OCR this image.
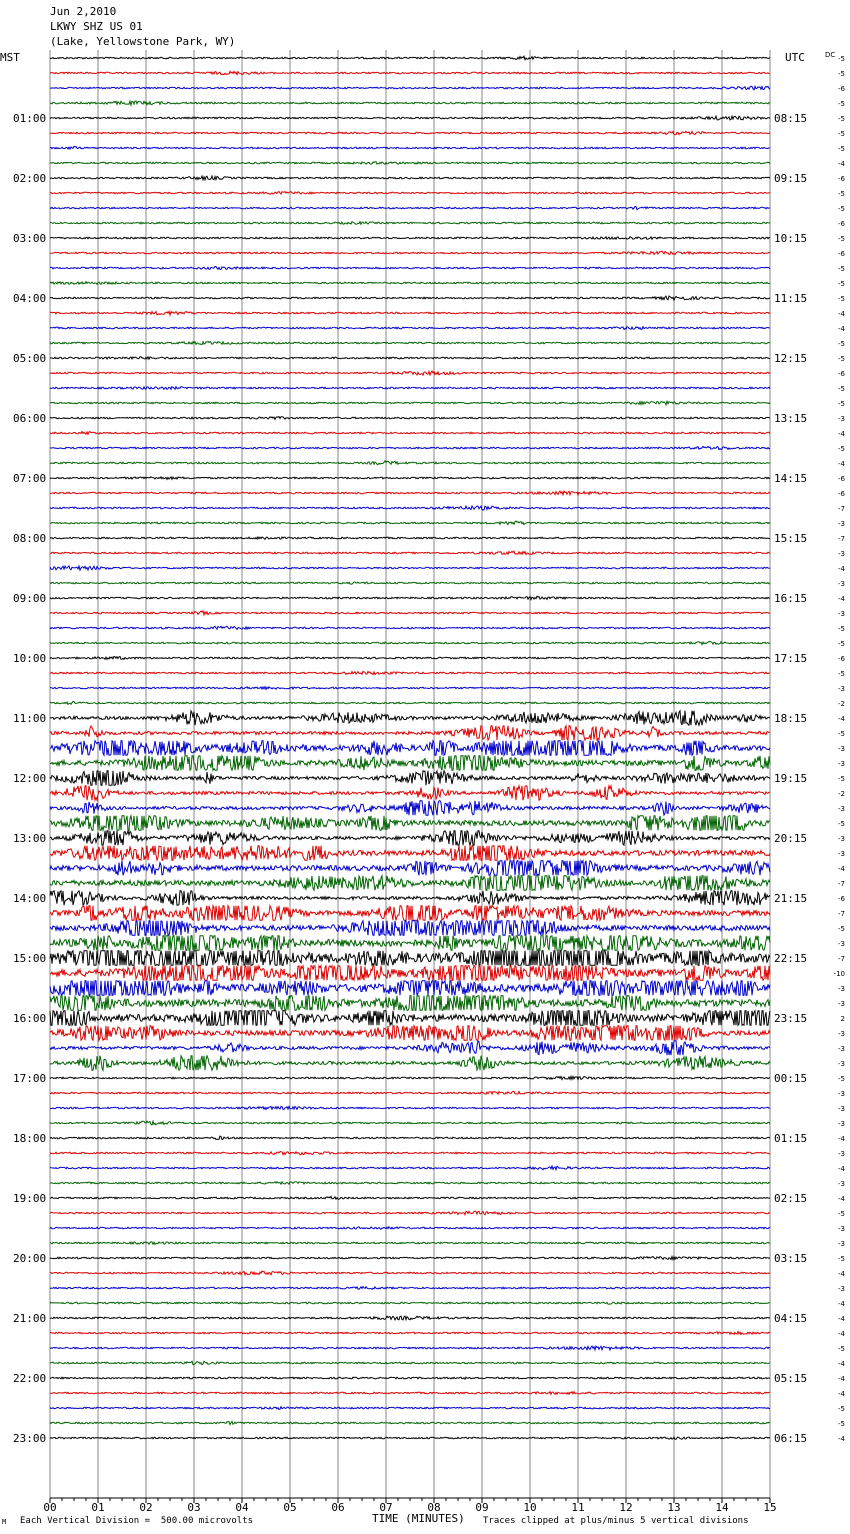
01:00
02:00
03:00
04:00
05:00
06:00
07:00
08:00
09:00
10:00
11:00
12:00
13:00
14:00
15:00
16:00
17:00
18:00
19:00
20:00
21:00
22:00
23:00
08:15
09:15
10:15
11:15
12:15
13:15
14:15
15:15
16:15
17:15
18:15
19:15
20:15
21:15
22:15
23:15
00:15
01:15
02:15
03:15
04:15
05:15
06:15
-5
-5
-6
-5
-5
-5
-5
-4
-6
-5
-5
-6
-5
-6
-5
-5
-5
-4
-4
-5
-5
-6
-5
-5
-3
-4
-5
-4
-6
-6
-7
-3
-7
-3
-4
-3
-4
-3
-5
-5
-6
-5
-3
-2
-4
-5
-3
-3
-5
-2
-3
-5
-3
-3
-4
-7
-6
-7
-5
-3
-7
-10
-3
-3
2
-3
-3
-3
-5
-3
-3
-3
-4
-3
-4
-3
-4
-5
-3
-3
-5
-4
-3
-4
-4
-4
-5
-4
-4
-4
-5
-5
-4
00	01	02	03	04	05	06	07	08	09	10	11	12	13	14	15
MST	UTC	DC
TIME (MINUTES)
Jun 2,2010
LKWY SHZ US 01
(Lake, Yellowstone Park, WY)
M Each Vertical Division =  500.00 microvolts	Traces clipped at plus/minus 5 vertical divisions
